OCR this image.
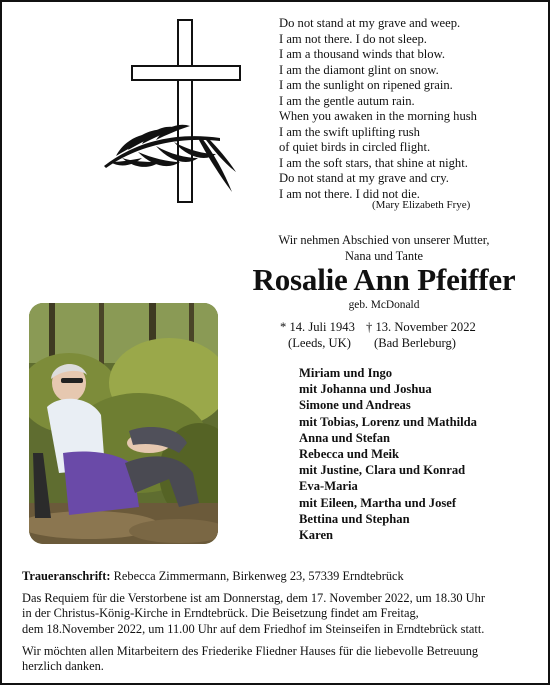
Do not stand at my grave and weep.
I am not there. I do not sleep.
I am a thousand winds that blow.
I am the diamont glint on snow.
I am the sunlight on ripened grain.
I am the gentle autum rain.
When you awaken in the morning hush
I am the swift uplifting rush
of quiet birds in circled flight.
I am the soft stars, that shine at night.
Do not stand at my grave and cry.
I am not there. I did not die.
(Mary Elizabeth Frye)
Wir nehmen Abschied von unserer Mutter,
Nana und Tante
Rosalie Ann Pfeiffer
geb. McDonald
* 14. Juli 1943 † 13. November 2022
(Leeds, UK) (Bad Berleburg)
Miriam und Ingo
mit Johanna und Joshua
Simone und Andreas
mit Tobias, Lorenz und Mathilda
Anna und Stefan
Rebecca und Meik
mit Justine, Clara und Konrad
Eva-Maria
mit Eileen, Martha und Josef
Bettina und Stephan
Karen
Traueranschrift: Rebecca Zimmermann, Birkenweg 23, 57339 Erndtebrück
Das Requiem für die Verstorbene ist am Donnerstag, dem 17. November 2022, um 18.30 Uhr
in der Christus-König-Kirche in Erndtebrück. Die Beisetzung findet am Freitag,
dem 18.November 2022, um 11.00 Uhr auf dem Friedhof im Steinseifen in Erndtebrück statt.
Wir möchten allen Mitarbeitern des Friederike Fliedner Hauses für die liebevolle Betreuung
herzlich danken.
